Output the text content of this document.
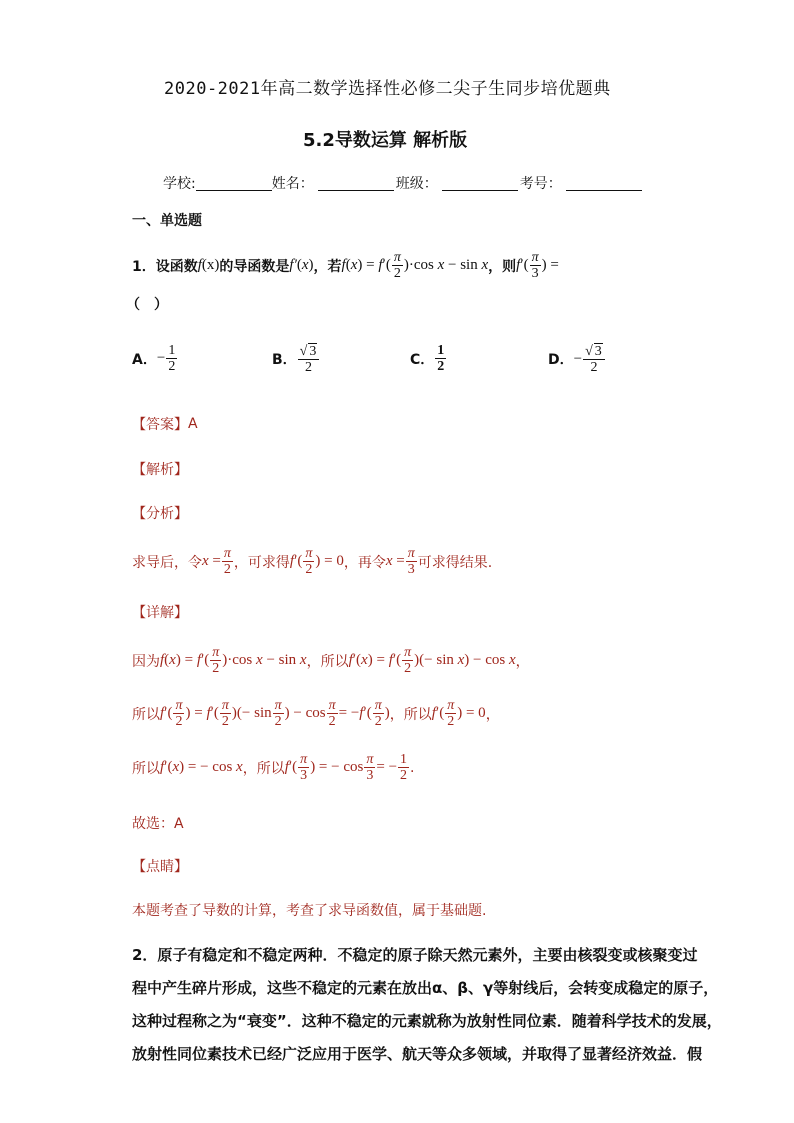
2020-2021年高二数学选择性必修二尖子生同步培优题典
5.2导数运算 解析版
学校:	姓名：	班级：	考号：
一、单选题
1．设函数 f (x) 的导函数是 f′ (x) ，若 $f(x) = f'( \frac{\pi}{2} )\cdot\cos$ x − sin x ，则 $f'( \frac{\pi}{3}$ ) =
（　）
A． − $\frac{1}{2}$	B． $\frac{√ 3}{2}$	C． $\frac{1}{2}$	D． − $\frac{√ 3}{2}$
【答案】 A
【解析】
【分析】
求导后，令 $x = \frac{\pi}{2}$ ，可求得 $f'( \frac{\pi}{2}$ ) = 0 ，再令 $x = \frac{\pi}{3}$ 可求得结果.
【详解】
因为 $f(x) = f'( \frac{\pi}{2} )\cdot\cos$ x − sin x ，所以 $f'(x) = f'( \frac{\pi}{2}$ )(− sin x) − cos x ，
所以 $f'( \frac{\pi}{2}$ ) = $f'( \frac{\pi}{2}$ )(− $\sin \frac{\pi}{2}$ ) − $\cos \frac{\pi}{2} = -f'( \frac{\pi}{2}$ ) ，所以 $f'( \frac{\pi}{2}$ ) = 0 ，
所以 f′(x) = − cos x ，所以 $f'( \frac{\pi}{3}$ ) = − $\cos \frac{\pi}{3}$ = − $\frac{1}{2}$ .
故选：A
【点睛】
本题考查了导数的计算，考查了求导函数值，属于基础题.
2．原子有稳定和不稳定两种．不稳定的原子除天然元素外，主要由核裂变或核聚变过
程中产生碎片形成，这些不稳定的元素在放出α、β、γ等射线后，会转变成稳定的原子，
这种过程称之为“衰变”．这种不稳定的元素就称为放射性同位素．随着科学技术的发展，
放射性同位素技术已经广泛应用于医学、航天等众多领域，并取得了显著经济效益．假
